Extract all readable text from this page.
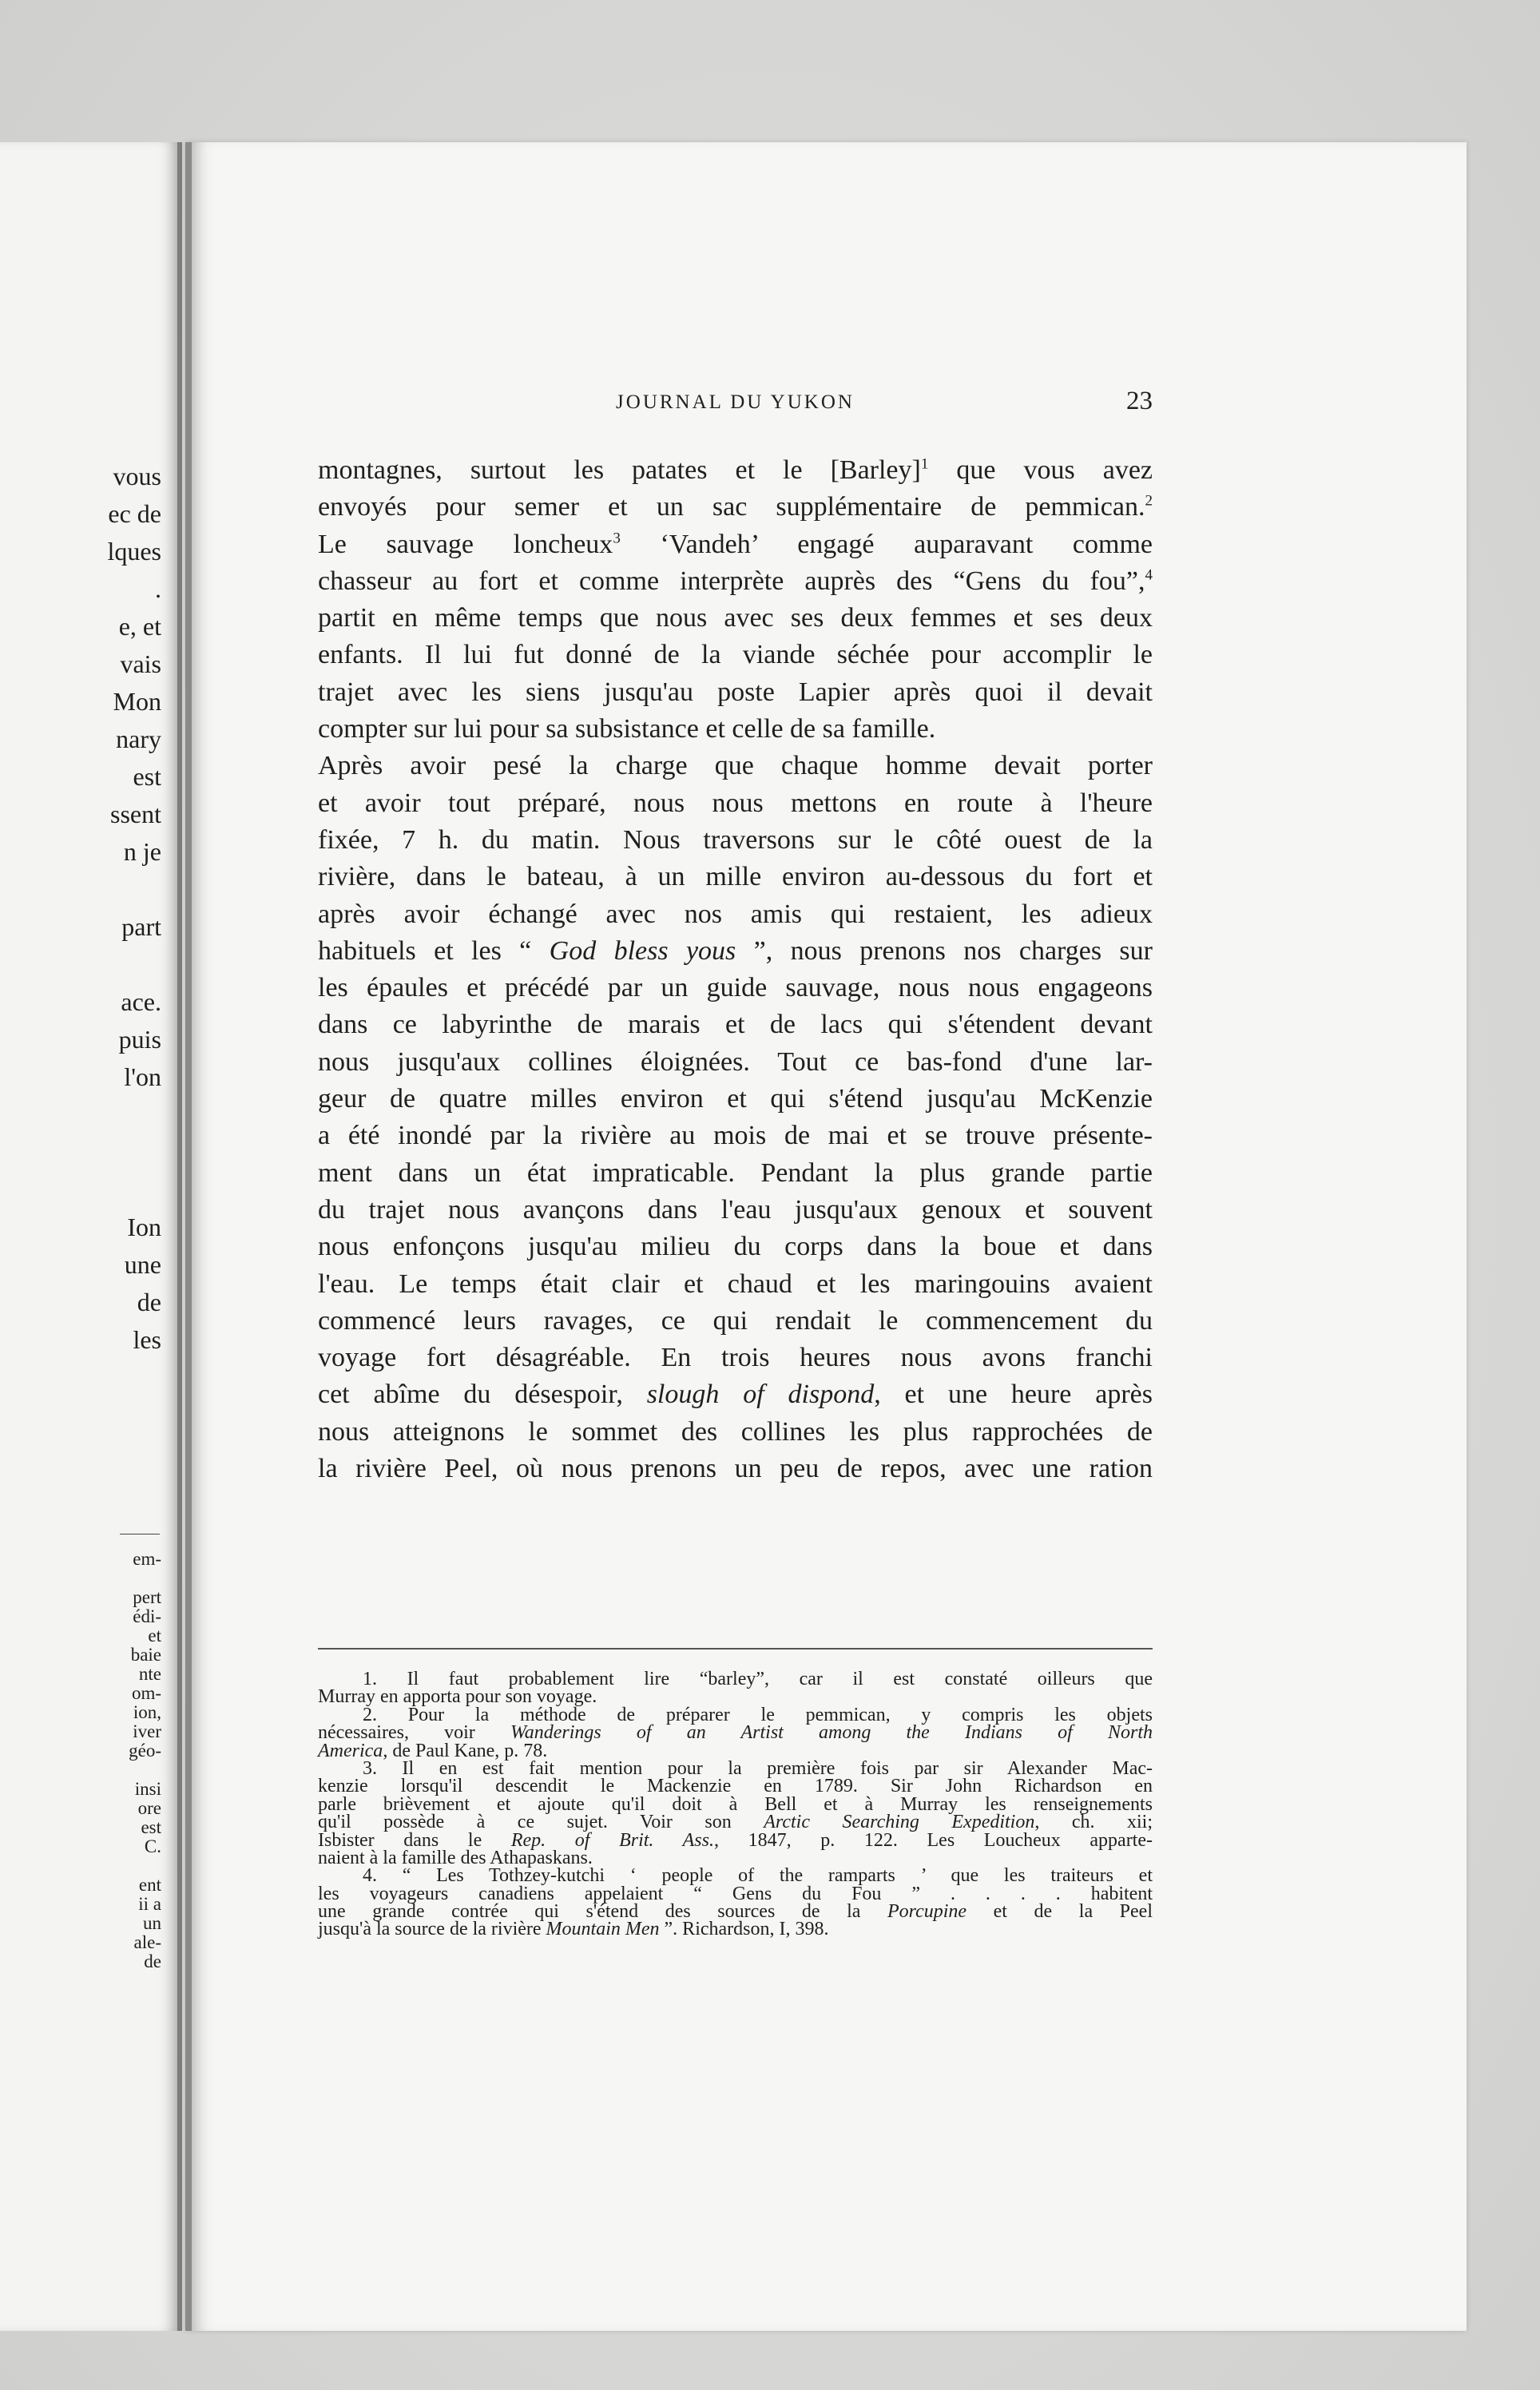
vous
ec de
lques
.
e, et
vais
Mon
nary
est
ssent
n je
part
ace.
puis
l'on
Ion
une
de
les
em-
pert
édi-
et
baie
nte
om-
ion,
iver
géo-
insi
ore
est
C.
ent
ii a
un
ale-
de
JOURNAL DU YUKON	23
montagnes, surtout les patates et le [Barley]$^1$ que vous avez
envoyés pour semer et un sac supplémentaire de pemmican.$^2$
Le sauvage loncheux$^3$ ‘Vandeh’ engagé auparavant comme
chasseur au fort et comme interprète auprès des “Gens du fou”,$^4$
partit en même temps que nous avec ses deux femmes et ses deux
enfants. Il lui fut donné de la viande séchée pour accomplir le
trajet avec les siens jusqu'au poste Lapier après quoi il devait
compter sur lui pour sa subsistance et celle de sa famille.
Après avoir pesé la charge que chaque homme devait porter
et avoir tout préparé, nous nous mettons en route à l'heure
fixée, 7 h. du matin. Nous traversons sur le côté ouest de la
rivière, dans le bateau, à un mille environ au-dessous du fort et
après avoir échangé avec nos amis qui restaient, les adieux
habituels et les “ God bless yous ”, nous prenons nos charges sur
les épaules et précédé par un guide sauvage, nous nous engageons
dans ce labyrinthe de marais et de lacs qui s'étendent devant
nous jusqu'aux collines éloignées. Tout ce bas-fond d'une lar-
geur de quatre milles environ et qui s'étend jusqu'au McKenzie
a été inondé par la rivière au mois de mai et se trouve présente-
ment dans un état impraticable. Pendant la plus grande partie
du trajet nous avançons dans l'eau jusqu'aux genoux et souvent
nous enfonçons jusqu'au milieu du corps dans la boue et dans
l'eau. Le temps était clair et chaud et les maringouins avaient
commencé leurs ravages, ce qui rendait le commencement du
voyage fort désagréable. En trois heures nous avons franchi
cet abîme du désespoir, slough of dispond, et une heure après
nous atteignons le sommet des collines les plus rapprochées de
la rivière Peel, où nous prenons un peu de repos, avec une ration
1. Il faut probablement lire “barley”, car il est constaté oilleurs que
Murray en apporta pour son voyage.
2. Pour la méthode de préparer le pemmican, y compris les objets
nécessaires, voir Wanderings of an Artist among the Indians of North
America, de Paul Kane, p. 78.
3. Il en est fait mention pour la première fois par sir Alexander Mac-
kenzie lorsqu'il descendit le Mackenzie en 1789. Sir John Richardson en
parle brièvement et ajoute qu'il doit à Bell et à Murray les renseignements
qu'il possède à ce sujet. Voir son Arctic Searching Expedition, ch. xii;
Isbister dans le Rep. of Brit. Ass., 1847, p. 122. Les Loucheux apparte-
naient à la famille des Athapaskans.
4. “ Les Tothzey-kutchi ‘ people of the ramparts ’ que les traiteurs et
les voyageurs canadiens appelaient “ Gens du Fou ” . . . . habitent
une grande contrée qui s'étend des sources de la Porcupine et de la Peel
jusqu'à la source de la rivière Mountain Men ”. Richardson, I, 398.
